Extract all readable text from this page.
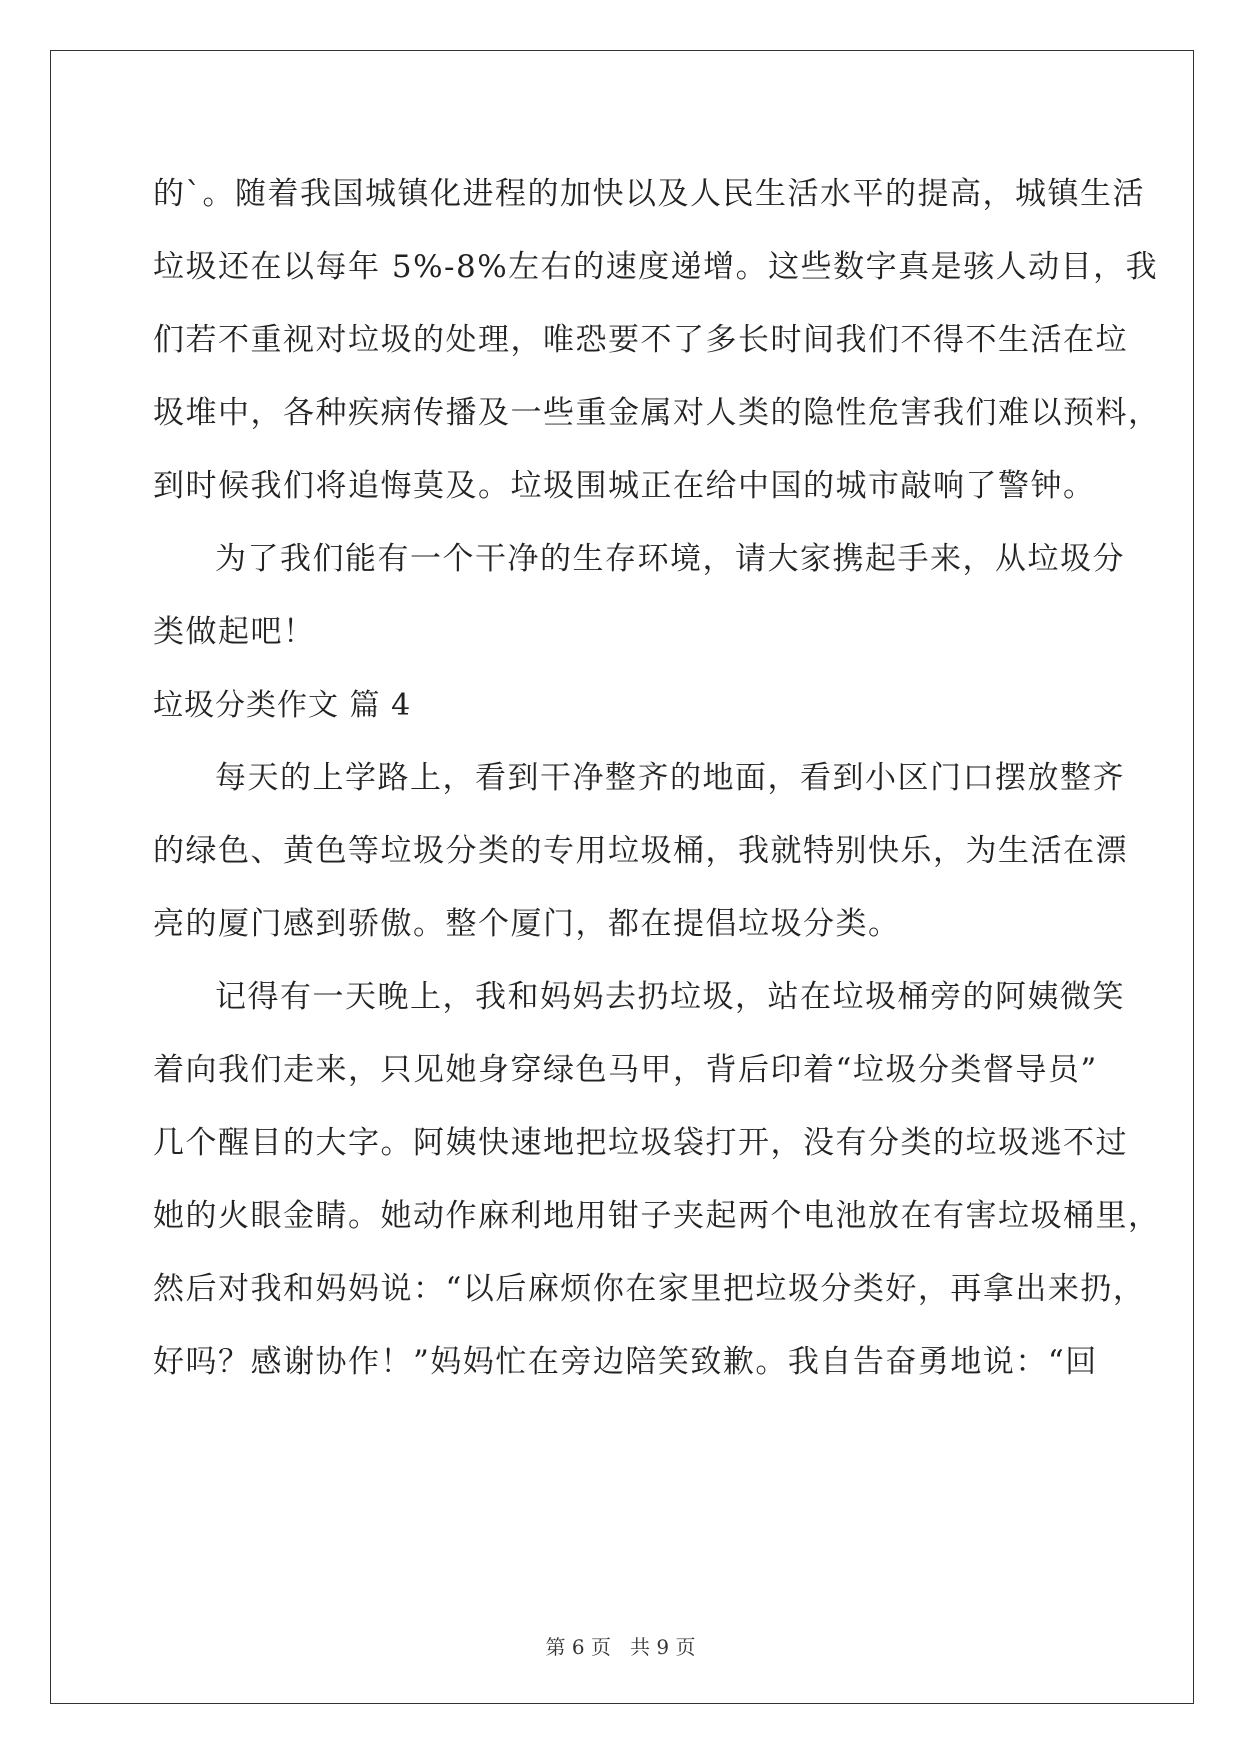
的`。随着我国城镇化进程的加快以及人民生活水平的提高，城镇生活
垃圾还在以每年 5%-8%左右的速度递增。这些数字真是骇人动目，我
们若不重视对垃圾的处理，唯恐要不了多长时间我们不得不生活在垃
圾堆中，各种疾病传播及一些重金属对人类的隐性危害我们难以预料，
到时候我们将追悔莫及。垃圾围城正在给中国的城市敲响了警钟。
为了我们能有一个干净的生存环境，请大家携起手来，从垃圾分
类做起吧！
垃圾分类作文 篇 4
每天的上学路上，看到干净整齐的地面，看到小区门口摆放整齐
的绿色、黄色等垃圾分类的专用垃圾桶，我就特别快乐，为生活在漂
亮的厦门感到骄傲。整个厦门，都在提倡垃圾分类。
记得有一天晚上，我和妈妈去扔垃圾，站在垃圾桶旁的阿姨微笑
着向我们走来，只见她身穿绿色马甲，背后印着“垃圾分类督导员”
几个醒目的大字。阿姨快速地把垃圾袋打开，没有分类的垃圾逃不过
她的火眼金睛。她动作麻利地用钳子夹起两个电池放在有害垃圾桶里，
然后对我和妈妈说：“以后麻烦你在家里把垃圾分类好，再拿出来扔，
好吗？感谢协作！”妈妈忙在旁边陪笑致歉。我自告奋勇地说：“回
第 6 页 共 9 页
